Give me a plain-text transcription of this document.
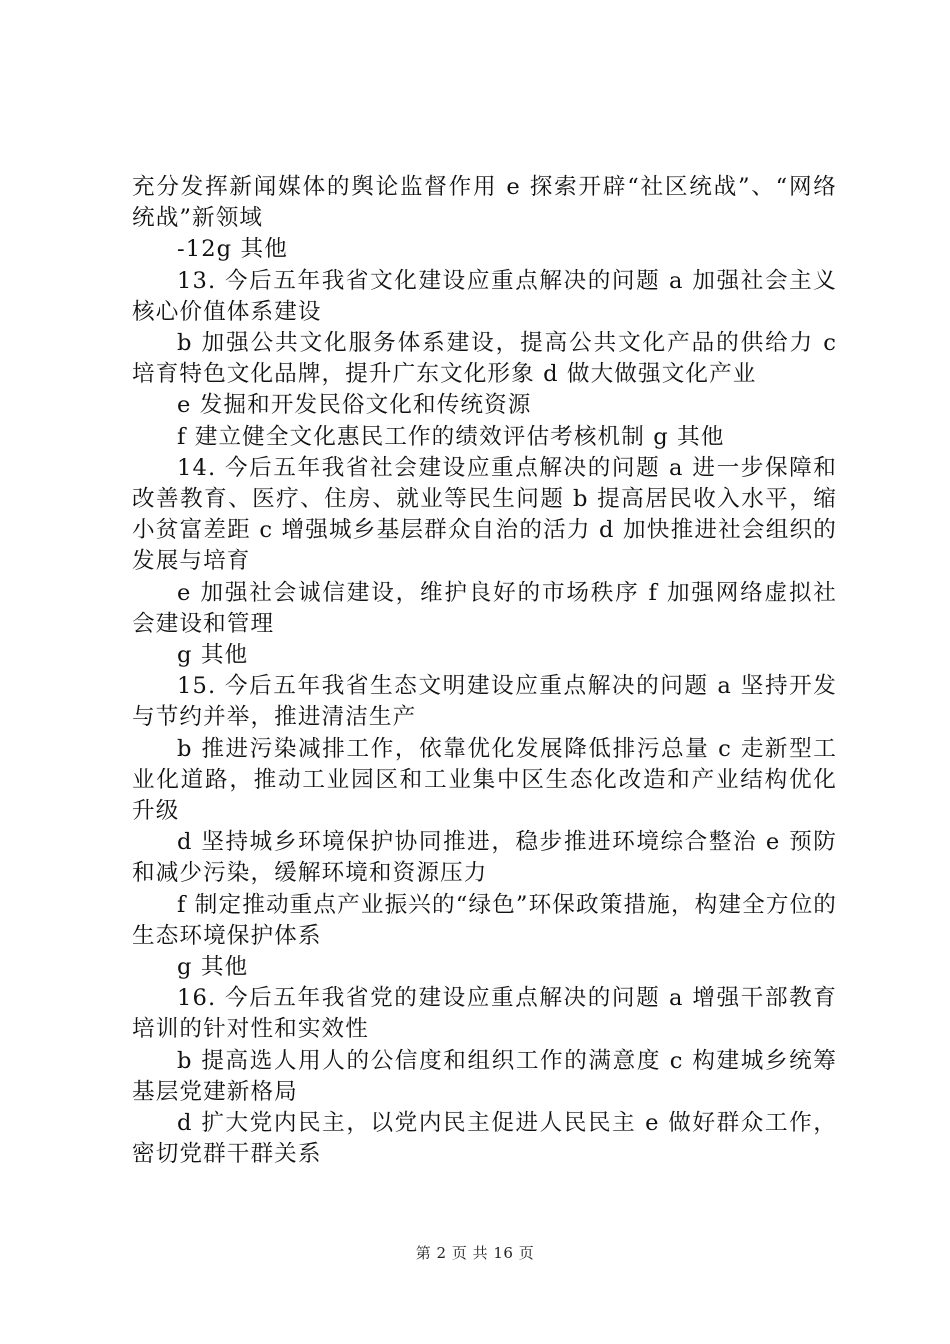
充分发挥新闻媒体的舆论监督作用 e 探索开辟“社区统战”、“网络统战”新领域

-12g 其他

13. 今后五年我省文化建设应重点解决的问题 a 加强社会主义核心价值体系建设

b 加强公共文化服务体系建设，提高公共文化产品的供给力 c 培育特色文化品牌，提升广东文化形象 d 做大做强文化产业

e 发掘和开发民俗文化和传统资源

f 建立健全文化惠民工作的绩效评估考核机制 g 其他

14. 今后五年我省社会建设应重点解决的问题 a 进一步保障和改善教育、医疗、住房、就业等民生问题 b 提高居民收入水平，缩小贫富差距 c 增强城乡基层群众自治的活力 d 加快推进社会组织的发展与培育

e 加强社会诚信建设，维护良好的市场秩序 f 加强网络虚拟社会建设和管理

g 其他

15. 今后五年我省生态文明建设应重点解决的问题 a 坚持开发与节约并举，推进清洁生产

b 推进污染减排工作，依靠优化发展降低排污总量 c 走新型工业化道路，推动工业园区和工业集中区生态化改造和产业结构优化升级

d 坚持城乡环境保护协同推进，稳步推进环境综合整治 e 预防和减少污染，缓解环境和资源压力

f 制定推动重点产业振兴的“绿色”环保政策措施，构建全方位的生态环境保护体系

g 其他

16. 今后五年我省党的建设应重点解决的问题 a 增强干部教育培训的针对性和实效性

b 提高选人用人的公信度和组织工作的满意度 c 构建城乡统筹基层党建新格局

d 扩大党内民主，以党内民主促进人民民主 e 做好群众工作，密切党群干群关系

第 2 页 共 16 页
